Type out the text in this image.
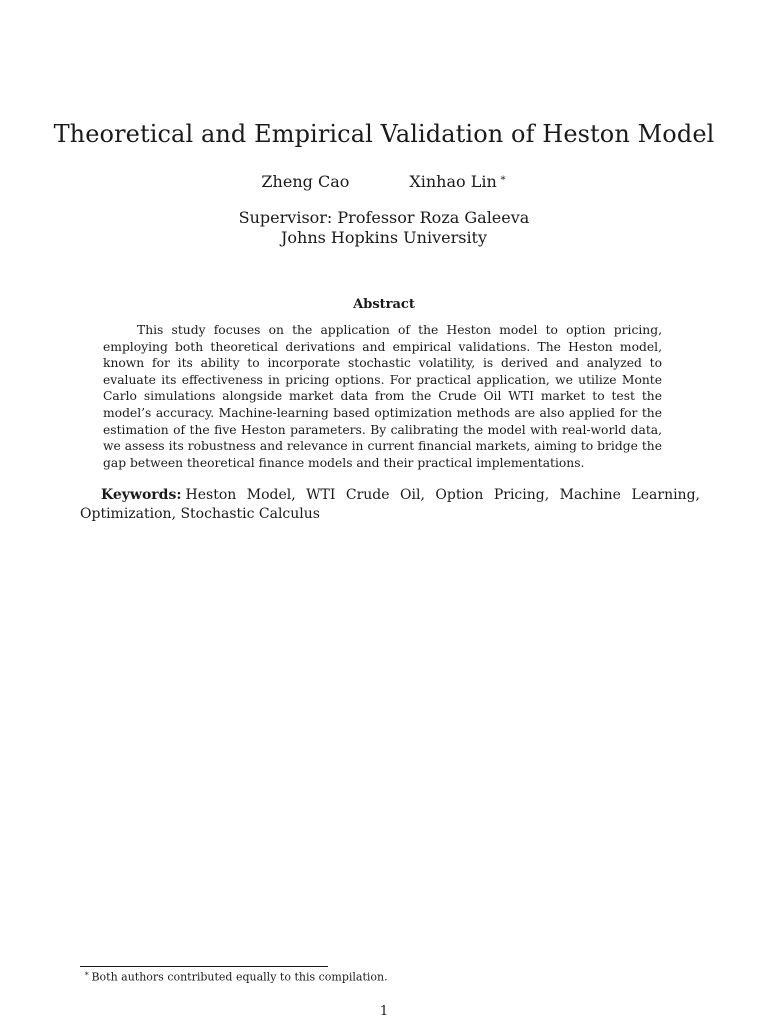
Theoretical and Empirical Validation of Heston Model
Zheng Cao	Xinhao Lin ∗
Supervisor: Professor Roza Galeeva
Johns Hopkins University
Abstract
This study focuses on the application of the Heston model to option pricing, employing both theoretical derivations and empirical validations. The Heston model, known for its ability to incorporate stochastic volatility, is derived and analyzed to evaluate its effectiveness in pricing options. For practical application, we utilize Monte Carlo simulations alongside market data from the Crude Oil WTI market to test the model’s accuracy. Machine-learning based optimization methods are also applied for the estimation of the five Heston parameters. By calibrating the model with real-world data, we assess its robustness and relevance in current financial markets, aiming to bridge the gap between theoretical finance models and their practical implementations.
Keywords: Heston Model, WTI Crude Oil, Option Pricing, Machine Learning, Optimization, Stochastic Calculus
∗ Both authors contributed equally to this compilation.
1
